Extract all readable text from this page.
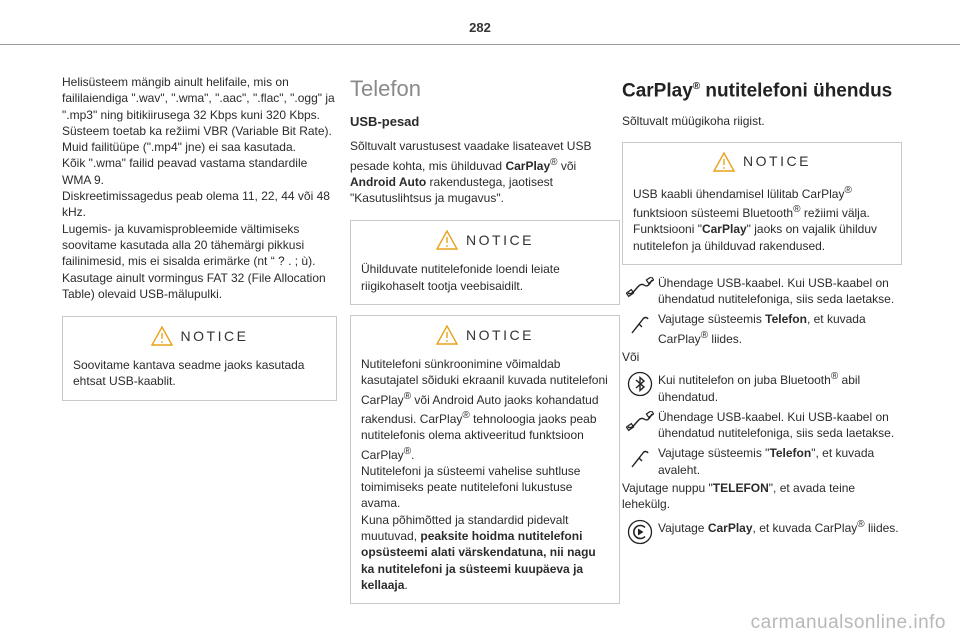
282
Helisüsteem mängib ainult helifaile, mis on faililaiendiga ".wav", ".wma", ".aac", ".flac", ".ogg" ja ".mp3" ning bitikiirusega 32 Kbps kuni 320 Kbps.
Süsteem toetab ka režiimi VBR (Variable Bit Rate).
Muid failitüüpe (".mp4" jne) ei saa kasutada.
Kõik ".wma" failid peavad vastama standardile WMA 9.
Diskreetimissagedus peab olema 11, 22, 44 või 48 kHz.
Lugemis- ja kuvamisprobleemide vältimiseks soovitame kasutada alla 20 tähemärgi pikkusi failinimesid, mis ei sisalda erimärke (nt “ ? . ; ù).
Kasutage ainult vormingus FAT 32 (File Allocation Table) olevaid USB-mälupulki.
NOTICE
Soovitame kantava seadme jaoks kasutada ehtsat USB-kaablit.
Telefon
USB-pesad
Sõltuvalt varustusest vaadake lisateavet USB pesade kohta, mis ühilduvad CarPlay® või Android Auto rakendustega, jaotisest "Kasutuslihtsus ja mugavus".
NOTICE
Ühilduvate nutitelefonide loendi leiate riigikohaselt tootja veebisaidilt.
NOTICE
Nutitelefoni sünkroonimine võimaldab kasutajatel sõiduki ekraanil kuvada nutitelefoni CarPlay® või Android Auto jaoks kohandatud rakendusi. CarPlay® tehnoloogia jaoks peab nutitelefonis olema aktiveeritud funktsioon CarPlay®.
Nutitelefoni ja süsteemi vahelise suhtluse toimimiseks peate nutitelefoni lukustuse avama.
Kuna põhimõtted ja standardid pidevalt muutuvad, peaksite hoidma nutitelefoni opsüsteemi alati värskendatuna, nii nagu ka nutitelefoni ja süsteemi kuupäeva ja kellaaja.
CarPlay® nutitelefoni ühendus
Sõltuvalt müügikoha riigist.
NOTICE
USB kaabli ühendamisel lülitab CarPlay® funktsioon süsteemi Bluetooth® režiimi välja. Funktsiooni "CarPlay" jaoks on vajalik ühilduv nutitelefon ja ühilduvad rakendused.
Ühendage USB-kaabel. Kui USB-kaabel on ühendatud nutitelefoniga, siis seda laetakse.
Vajutage süsteemis Telefon, et kuvada CarPlay® liides.
Või
Kui nutitelefon on juba Bluetooth® abil ühendatud.
Ühendage USB-kaabel. Kui USB-kaabel on ühendatud nutitelefoniga, siis seda laetakse.
Vajutage süsteemis "Telefon", et kuvada avaleht.
Vajutage nuppu "TELEFON", et avada teine lehekülg.
Vajutage CarPlay, et kuvada CarPlay® liides.
carmanualsonline.info
